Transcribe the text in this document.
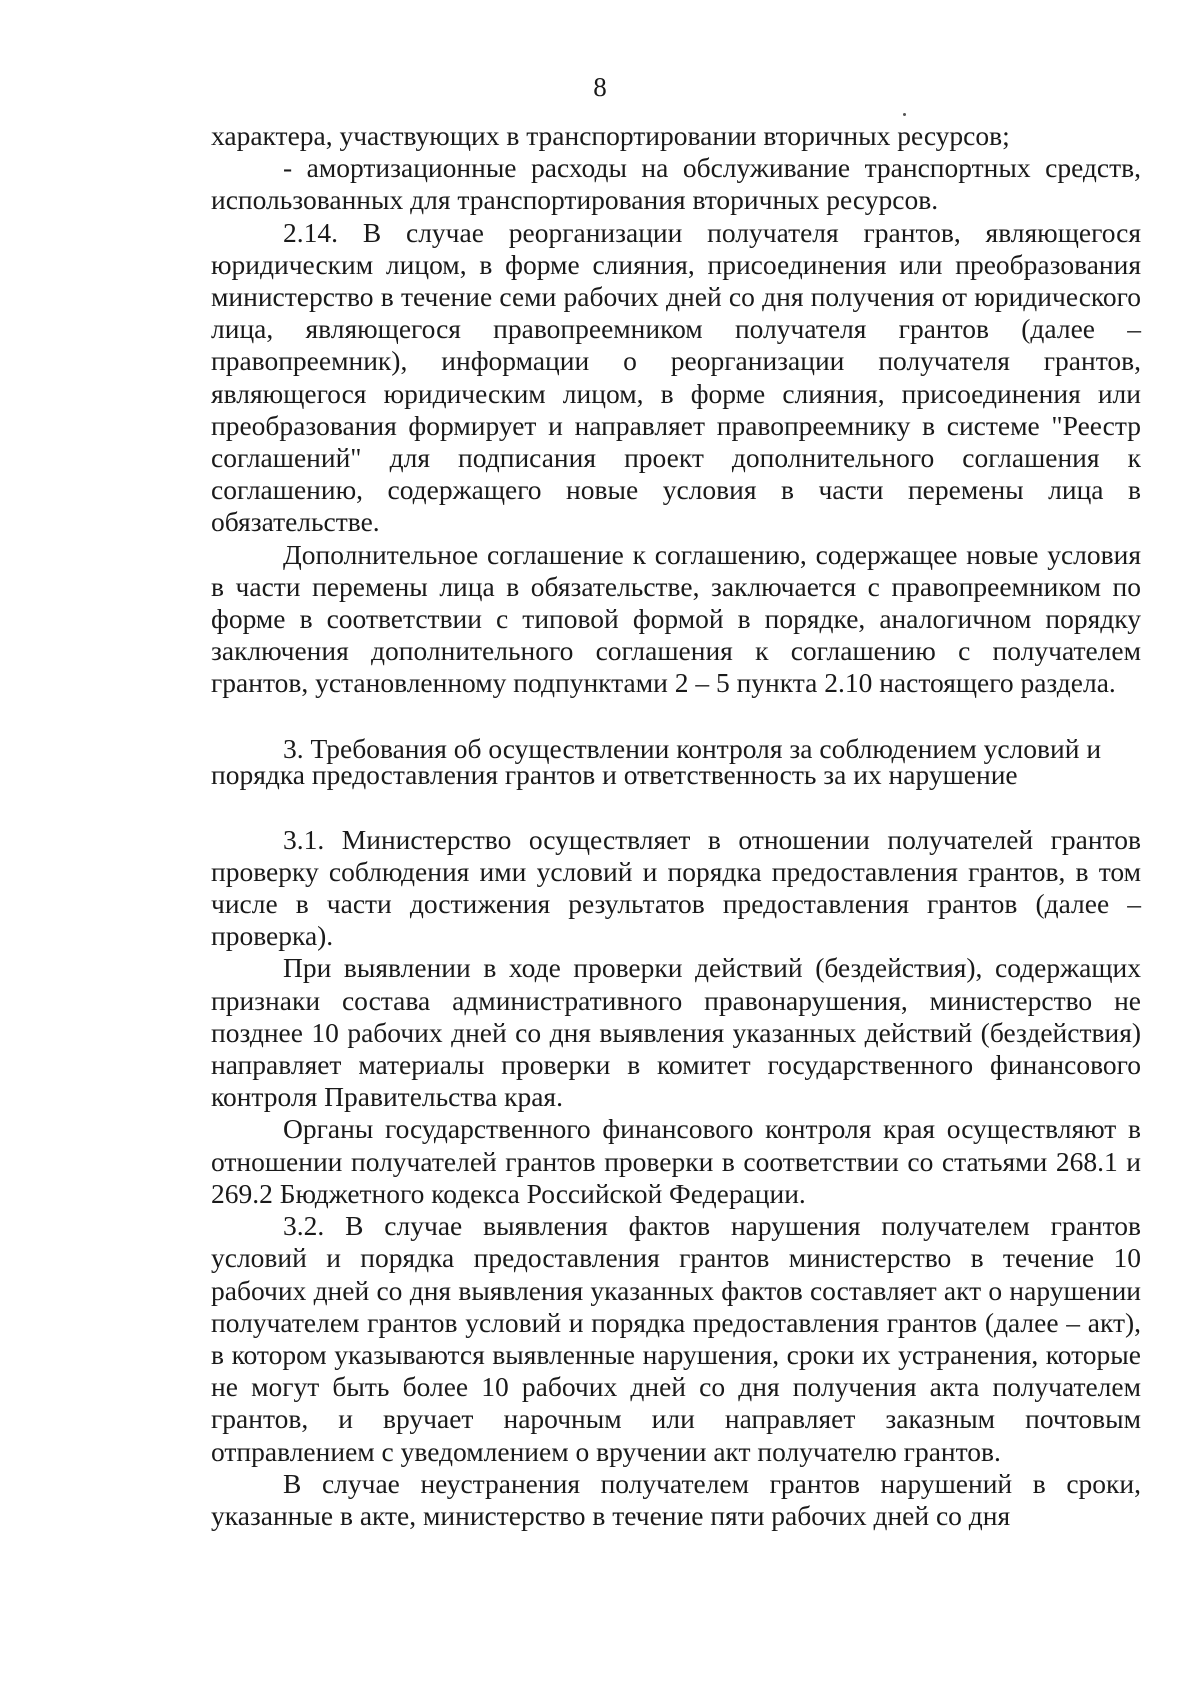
8

характера, участвующих в транспортировании вторичных ресурсов;

- амортизационные расходы на обслуживание транспортных средств, использованных для транспортирования вторичных ресурсов.

2.14. В случае реорганизации получателя грантов, являющегося юридическим лицом, в форме слияния, присоединения или преобразования министерство в течение семи рабочих дней со дня получения от юридического лица, являющегося правопреемником получателя грантов (далее – правопреемник), информации о реорганизации получателя грантов, являющегося юридическим лицом, в форме слияния, присоединения или преобразования формирует и направляет правопреемнику в системе "Реестр соглашений" для подписания проект дополнительного соглашения к соглашению, содержащего новые условия в части перемены лица в обязательстве.

Дополнительное соглашение к соглашению, содержащее новые условия в части перемены лица в обязательстве, заключается с правопреемником по форме в соответствии с типовой формой в порядке, аналогичном порядку заключения дополнительного соглашения к соглашению с получателем грантов, установленному подпунктами 2 – 5 пункта 2.10 настоящего раздела.

3. Требования об осуществлении контроля за соблюдением условий и порядка предоставления грантов и ответственность за их нарушение

3.1. Министерство осуществляет в отношении получателей грантов проверку соблюдения ими условий и порядка предоставления грантов, в том числе в части достижения результатов предоставления грантов (далее – проверка).

При выявлении в ходе проверки действий (бездействия), содержащих признаки состава административного правонарушения, министерство не позднее 10 рабочих дней со дня выявления указанных действий (бездействия) направляет материалы проверки в комитет государственного финансового контроля Правительства края.

Органы государственного финансового контроля края осуществляют в отношении получателей грантов проверки в соответствии со статьями 268.1 и 269.2 Бюджетного кодекса Российской Федерации.

3.2. В случае выявления фактов нарушения получателем грантов условий и порядка предоставления грантов министерство в течение 10 рабочих дней со дня выявления указанных фактов составляет акт о нарушении получателем грантов условий и порядка предоставления грантов (далее – акт), в котором указываются выявленные нарушения, сроки их устранения, которые не могут быть более 10 рабочих дней со дня получения акта получателем грантов, и вручает нарочным или направляет заказным почтовым отправлением с уведомлением о вручении акт получателю грантов.

В случае неустранения получателем грантов нарушений в сроки, указанные в акте, министерство в течение пяти рабочих дней со дня
